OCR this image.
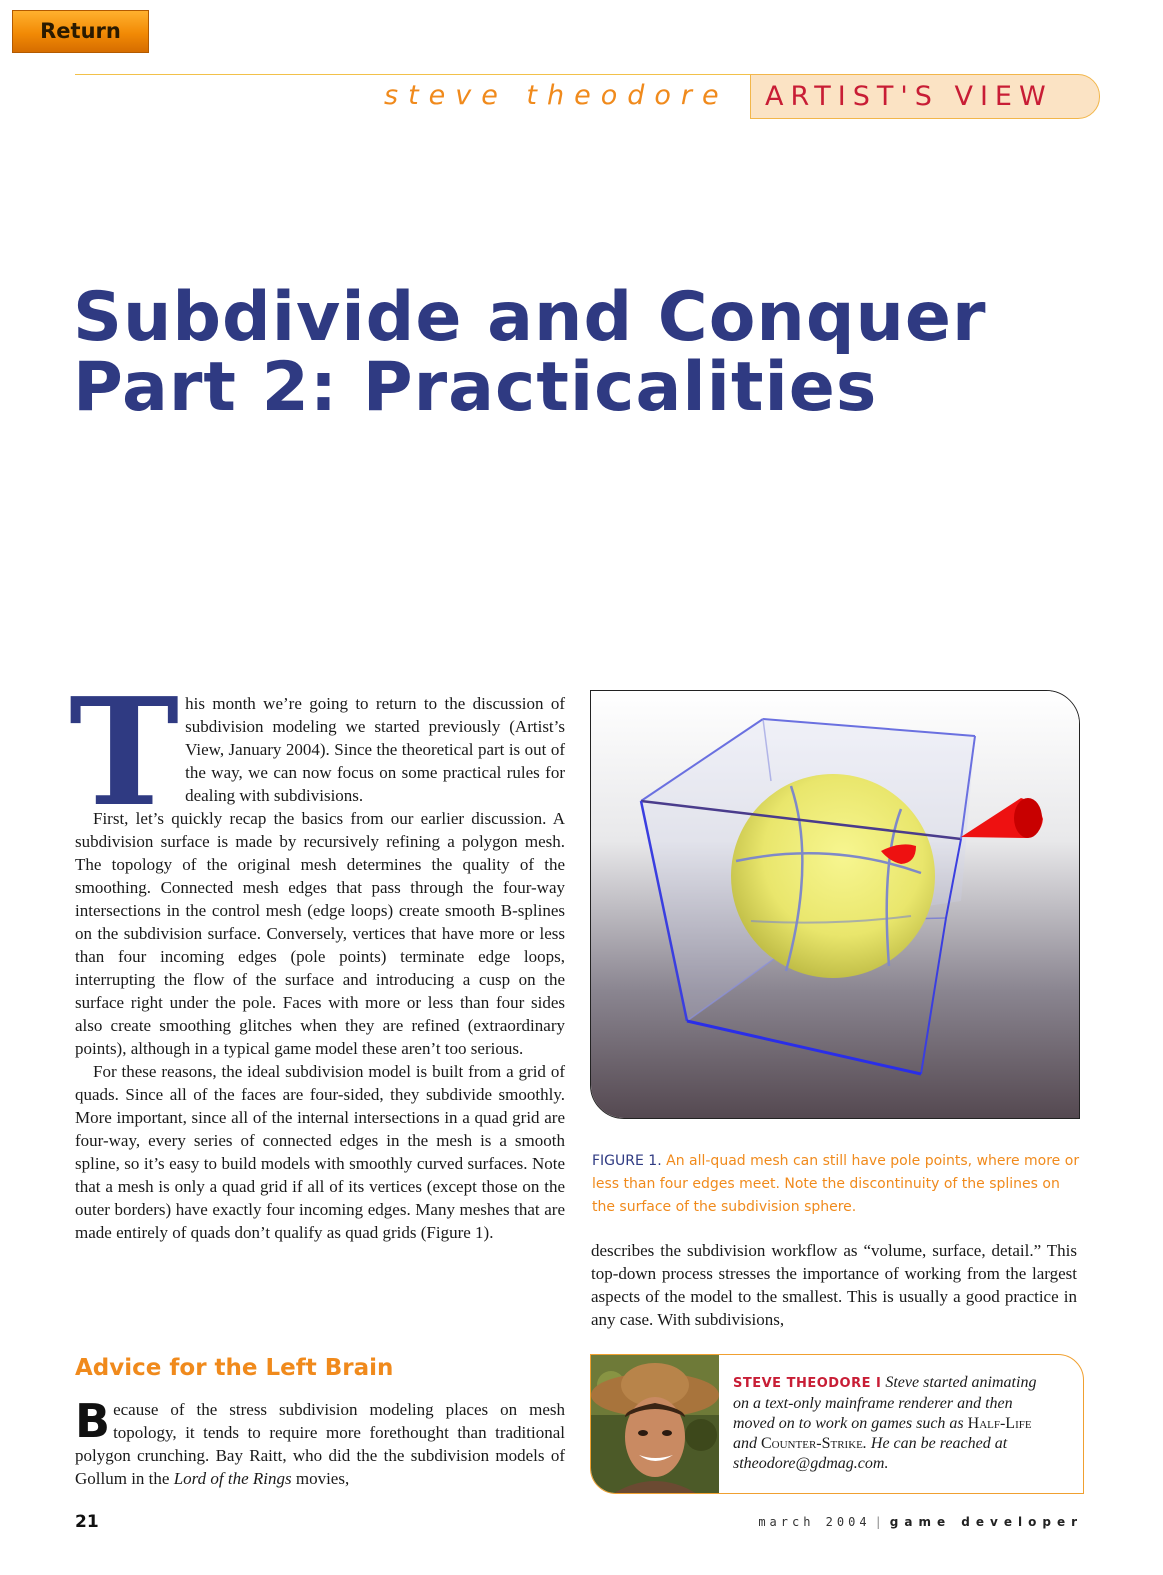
Return
steve theodore	ARTIST'S VIEW
Subdivide and Conquer
Part 2: Practicalities

This month we’re going to return to the discussion of subdivision modeling we started previously (Artist’s View, January 2004). Since the theoretical part is out of the way, we can now focus on some practical rules for dealing with subdivisions.

First, let’s quickly recap the basics from our earlier discussion. A subdivision surface is made by recursively refining a polygon mesh. The topology of the original mesh determines the quality of the smoothing. Connected mesh edges that pass through the four-way intersections in the control mesh (edge loops) create smooth B-splines on the subdivision surface. Conversely, vertices that have more or less than four incoming edges (pole points) terminate edge loops, interrupting the flow of the surface and introducing a cusp on the surface right under the pole. Faces with more or less than four sides also create smoothing glitches when they are refined (extraordinary points), although in a typical game model these aren’t too serious.

For these reasons, the ideal subdivision model is built from a grid of quads. Since all of the faces are four-sided, they subdivide smoothly. More important, since all of the internal intersections in a quad grid are four-way, every series of connected edges in the mesh is a smooth spline, so it’s easy to build models with smoothly curved surfaces. Note that a mesh is only a quad grid if all of its vertices (except those on the outer borders) have exactly four incoming edges. Many meshes that are made entirely of quads don’t qualify as quad grids (Figure 1).

Advice for the Left Brain

Because of the stress subdivision modeling places on mesh topology, it tends to require more forethought than traditional polygon crunching. Bay Raitt, who did the the subdivision models of Gollum in the Lord of the Rings movies,

FIGURE 1. An all-quad mesh can still have pole points, where more or less than four edges meet. Note the discontinuity of the splines on the surface of the subdivision sphere.

describes the subdivision workflow as “volume, surface, detail.” This top-down process stresses the importance of working from the largest aspects of the model to the smallest. This is usually a good practice in any case. With subdivisions,

STEVE THEODORE I Steve started animating on a text-only mainframe renderer and then moved on to work on games such as Half-Life and Counter-Strike. He can be reached at stheodore@gdmag.com.
21	march 2004 | game developer
